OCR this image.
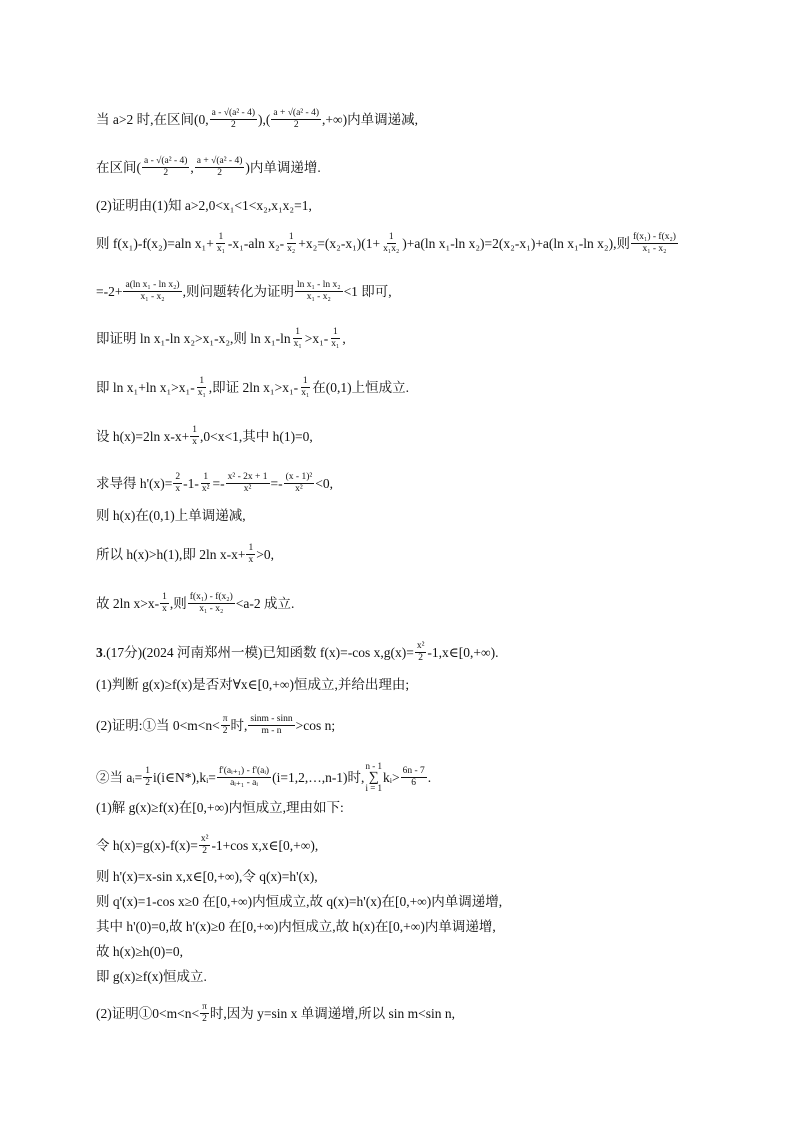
当 a>2 时,在区间(0, $\frac{\text{a - √(a² - 4)}}{2}$ ),( $\frac{\text{a + √(a² - 4)}}{2}$ ,+∞)内单调递减,
在区间( $\frac{\text{a - √(a² - 4)}}{2}$ , $\frac{\text{a + √(a² - 4)}}{2}$ )内单调递增.
(2)证明由(1)知 a>2,0<x₁<1<x₂,x₁x₂=1,
则 f(x₁)-f(x₂)=aln $x_1+ \frac{1}{\text{x₁}} -x_1-aln$ $x_2- \frac{1}{\text{x₂}} +x_2=(x_2-x_1)(1+ \frac{1}{\text{x₁x₂}} )+a(\ln$ x₁-ln x₂)=2(x₂-x₁)+a(ln x₁-ln x₂),则 $\frac{\text{f(x₁) - f(x₂)}}{\text{x₁ - x₂}}$
$=-2+ \frac{\text{a(ln x₁ - ln x₂)}}{\text{x₁ - x₂}}$ ,则问题转化为证明 $\frac{\text{ln x₁ - ln x₂}}{\text{x₁ - x₂}} <1$ 即可,
即证明 ln x₁-ln x₂>x₁-x₂,则 $\ln x_1-\ln \frac{1}{\text{x₁}} >x_1- \frac{1}{\text{x₁}}$ ,
即 ln x₁+ln $x_1>x_1- \frac{1}{\text{x₁}}$ ,即证 2ln $x_1>x_1- \frac{1}{\text{x₁}}$ 在(0,1)上恒成立.
设 h(x)=2ln $x-x+ \frac{1}{x} ,0<x<1$,其中 h(1)=0,
求导得 $h'(x)= \frac{2}{x} -1- \frac{1}{\text{x²}} =- \frac{\text{x² - 2x + 1}}{\text{x²}} =- \frac{\text{(x - 1)²}}{\text{x²}} <0$,
则 h(x)在(0,1)上单调递减,
所以 h(x)>h(1),即 2ln $x-x+ \frac{1}{x} >0$,
故 2ln $x>x- \frac{1}{x}$ ,则 $\frac{\text{f(x₁) - f(x₂)}}{\text{x₁ - x₂}} <a-2$ 成立.
3 .(17分)(2024 河南郑州一模)已知函数 f(x)=-cos $x,g(x)= \frac{\text{x²}}{2}$ -1,x∈[0,+∞).
(1)判断 g(x)≥f(x)是否对∀x∈[0,+∞)恒成立,并给出理由;
(2)证明:①当 $0<m<n< \frac{\pi}{2}$ 时, $\frac{\sin m - \sin n}{m - n} >\cos$ n;
②当 aᵢ= $\frac{1}{2}$ i(i∈N*),kᵢ= $\frac{\text{f'(aᵢ₊₁) - f'(aᵢ)}}{\text{aᵢ₊₁ - aᵢ}}$ (i=1,2,…,n-1)时,
n - 1
∑
i = 1
kᵢ> $\frac{6n - 7}{6}$ .
(1)解 g(x)≥f(x)在[0,+∞)内恒成立,理由如下:
令 $h(x)=g(x)-f(x)= \frac{\text{x²}}{2} -1+\cos$ x,x∈[0,+∞),
则 h'(x)=x-sin x,x∈[0,+∞),令 q(x)=h'(x),
则 q'(x)=1-cos x≥0 在[0,+∞)内恒成立,故 q(x)=h'(x)在[0,+∞)内单调递增,
其中 h'(0)=0,故 h'(x)≥0 在[0,+∞)内恒成立,故 h(x)在[0,+∞)内单调递增,
故 h(x)≥h(0)=0,
即 g(x)≥f(x)恒成立.
(2)证明①0<m<n< $\frac{\pi}{2}$ 时,因为 y=sin x 单调递增,所以 sin m<sin n,
